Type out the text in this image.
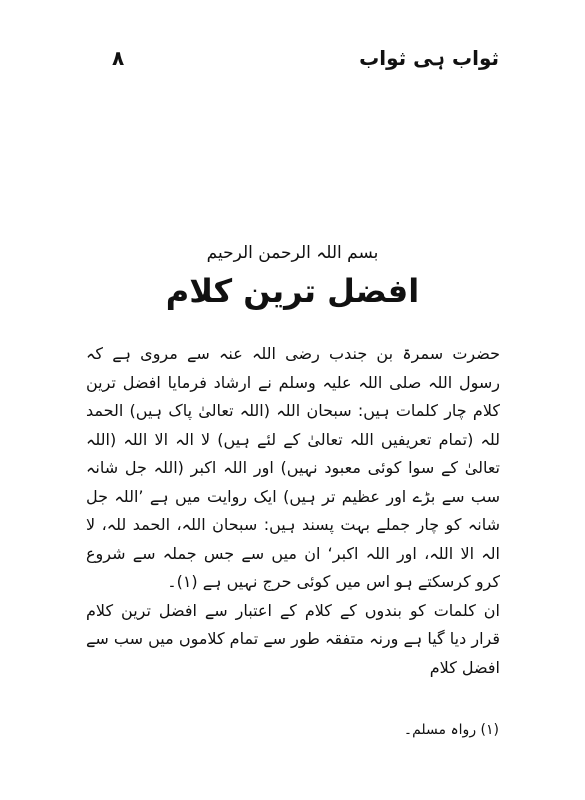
ثواب ہی ثواب
۸
بسم اللہ الرحمن الرحیم
افضل ترین کلام

حضرت سمرۃ بن جندب رضی اللہ عنہ سے مروی ہے کہ رسول اللہ صلی اللہ علیہ وسلم نے ارشاد فرمایا افضل ترین کلام چار کلمات ہیں: سبحان اللہ (اللہ تعالیٰ پاک ہیں) الحمد للہ (تمام تعریفیں اللہ تعالیٰ کے لئے ہیں) لا الہ الا اللہ (اللہ تعالیٰ کے سوا کوئی معبود نہیں) اور اللہ اکبر (اللہ جل شانہ سب سے بڑے اور عظیم تر ہیں) ایک روایت میں ہے ’اللہ جل شانہ کو چار جملے بہت پسند ہیں: سبحان اللہ، الحمد للہ، لا الہ الا اللہ، اور اللہ اکبر‘ ان میں سے جس جملہ سے شروع کرو کرسکتے ہو اس میں کوئی حرج نہیں ہے (۱)۔

ان کلمات کو بندوں کے کلام کے اعتبار سے افضل ترین کلام قرار دیا گیا ہے ورنہ متفقہ طور سے تمام کلاموں میں سب سے افضل کلام

(۱) رواہ مسلم۔
